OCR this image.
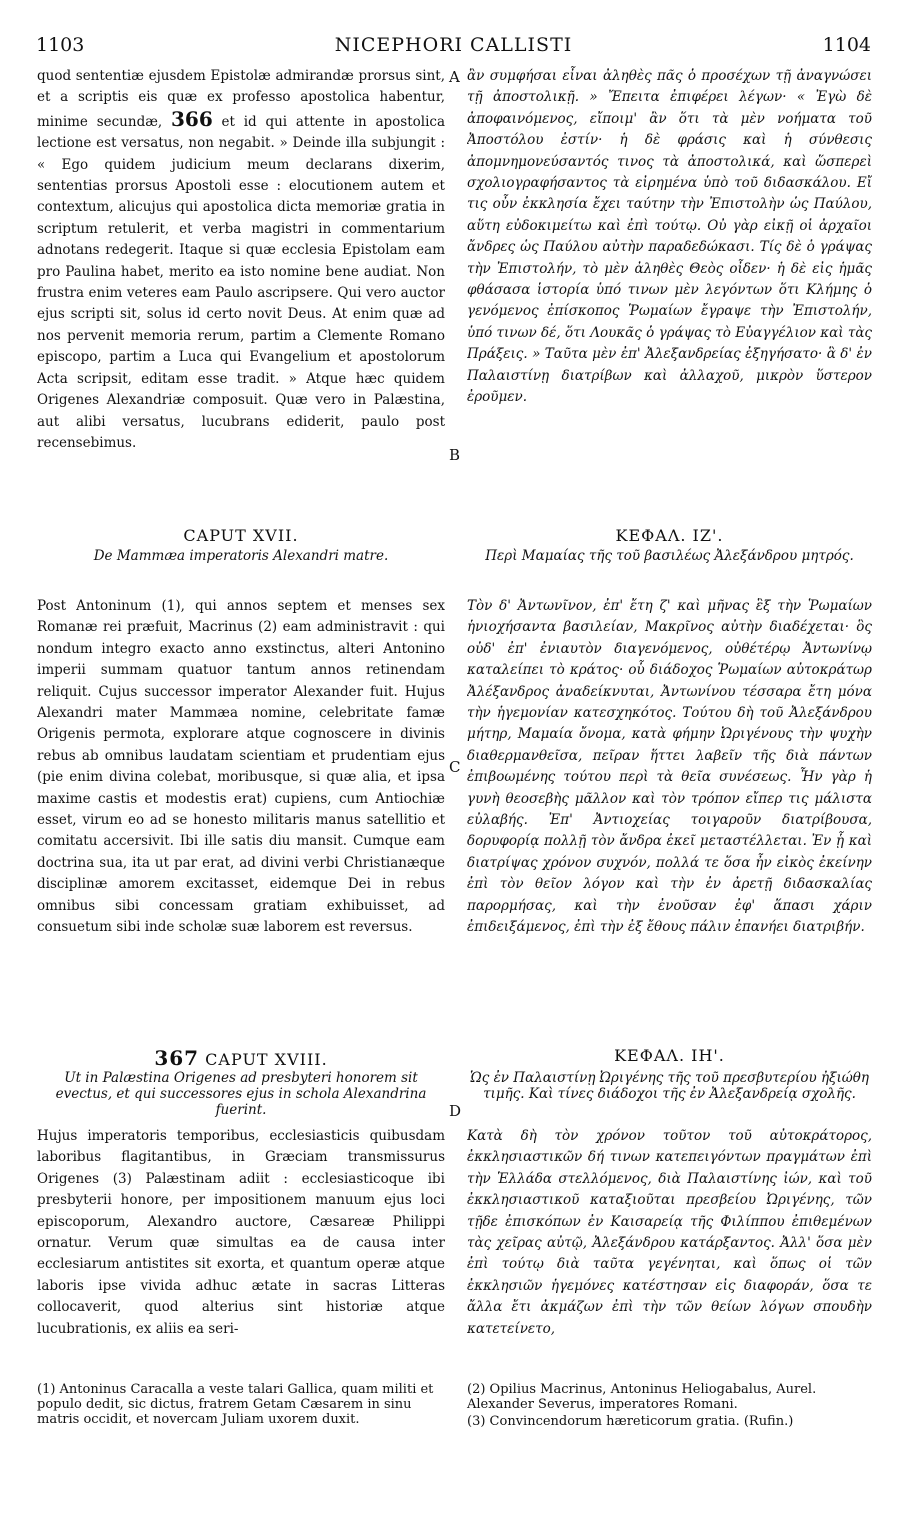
1103	NICEPHORI CALLISTI	1104

quod sententiæ ejusdem Epistolæ admirandæ prorsus sint, et a scriptis eis quæ ex professo apostolica habentur, minime secundæ, 366 et id qui attente in apostolica lectione est versatus, non negabit. » Deinde illa subjungit : « Ego quidem judicium meum declarans dixerim, sententias prorsus Apostoli esse : elocutionem autem et contextum, alicujus qui apostolica dicta memoriæ gratia in scriptum retulerit, et verba magistri in commentarium adnotans redegerit. Itaque si quæ ecclesia Epistolam eam pro Paulina habet, merito ea isto nomine bene audiat. Non frustra enim veteres eam Paulo ascripsere. Qui vero auctor ejus scripti sit, solus id certo novit Deus. At enim quæ ad nos pervenit memoria rerum, partim a Clemente Romano episcopo, partim a Luca qui Evangelium et apostolorum Acta scripsit, editam esse tradit. » Atque hæc quidem Origenes Alexandriæ composuit. Quæ vero in Palæstina, aut alibi versatus, lucubrans ediderit, paulo post recensebimus.

ἂν συμφήσαι εἶναι ἀληθὲς πᾶς ὁ προσέχων τῇ ἀναγνώσει τῇ ἀποστολικῇ. » Ἔπειτα ἐπιφέρει λέγων· « Ἐγὼ δὲ ἀποφαινόμενος, εἴποιμ' ἂν ὅτι τὰ μὲν νοήματα τοῦ Ἀποστόλου ἐστίν· ἡ δὲ φράσις καὶ ἡ σύνθεσις ἀπομνημονεύσαντός τινος τὰ ἀποστολικά, καὶ ὥσπερεὶ σχολιογραφήσαντος τὰ εἰρημένα ὑπὸ τοῦ διδασκάλου. Εἴ τις οὖν ἐκκλησία ἔχει ταύτην τὴν Ἐπιστολὴν ὡς Παύλου, αὕτη εὐδοκιμείτω καὶ ἐπὶ τούτῳ. Οὐ γὰρ εἰκῇ οἱ ἀρχαῖοι ἄνδρες ὡς Παύλου αὐτὴν παραδεδώκασι. Τίς δὲ ὁ γράψας τὴν Ἐπιστολήν, τὸ μὲν ἀληθὲς Θεὸς οἶδεν· ἡ δὲ εἰς ἡμᾶς φθάσασα ἱστορία ὑπό τινων μὲν λεγόντων ὅτι Κλήμης ὁ γενόμενος ἐπίσκοπος Ῥωμαίων ἔγραψε τὴν Ἐπιστολήν, ὑπό τινων δέ, ὅτι Λουκᾶς ὁ γράψας τὸ Εὐαγγέλιον καὶ τὰς Πράξεις. » Ταῦτα μὲν ἐπ' Ἀλεξανδρείας ἐξηγήσατο· ἃ δ' ἐν Παλαιστίνῃ διατρίβων καὶ ἀλλαχοῦ, μικρὸν ὕστερον ἐροῦμεν.

A
B
CAPUT XVII.
De Mammæa imperatoris Alexandri matre.
ΚΕΦΑΛ. ΙΖ'.
Περὶ Μαμαίας τῆς τοῦ βασιλέως Ἀλεξάνδρου μητρός.

Post Antoninum (1), qui annos septem et menses sex Romanæ rei præfuit, Macrinus (2) eam administravit : qui nondum integro exacto anno exstinctus, alteri Antonino imperii summam quatuor tantum annos retinendam reliquit. Cujus successor imperator Alexander fuit. Hujus Alexandri mater Mammæa nomine, celebritate famæ Origenis permota, explorare atque cognoscere in divinis rebus ab omnibus laudatam scientiam et prudentiam ejus (pie enim divina colebat, moribusque, si quæ alia, et ipsa maxime castis et modestis erat) cupiens, cum Antiochiæ esset, virum eo ad se honesto militaris manus satellitio et comitatu accersivit. Ibi ille satis diu mansit. Cumque eam doctrina sua, ita ut par erat, ad divini verbi Christianæque disciplinæ amorem excitasset, eidemque Dei in rebus omnibus sibi concessam gratiam exhibuisset, ad consuetum sibi inde scholæ suæ laborem est reversus.

Τὸν δ' Ἀντωνῖνον, ἐπ' ἔτη ζ' καὶ μῆνας ἓξ τὴν Ῥωμαίων ἡνιοχήσαντα βασιλείαν, Μακρῖνος αὐτὴν διαδέχεται· ὃς οὐδ' ἐπ' ἐνιαυτὸν διαγενόμενος, οὐθέτέρῳ Ἀντωνίνῳ καταλείπει τὸ κράτος· οὗ διάδοχος Ῥωμαίων αὐτοκράτωρ Ἀλέξανδρος ἀναδείκνυται, Ἀντωνίνου τέσσαρα ἔτη μόνα τὴν ἡγεμονίαν κατεσχηκότος. Τούτου δὴ τοῦ Ἀλεξάνδρου μήτηρ, Μαμαία ὄνομα, κατὰ φήμην Ὠριγένους τὴν ψυχὴν διαθερμανθεῖσα, πεῖραν ἥττει λαβεῖν τῆς διὰ πάντων ἐπιβοωμένης τούτου περὶ τὰ θεῖα συνέσεως. Ἦν γὰρ ἡ γυνὴ θεοσεβὴς μᾶλλον καὶ τὸν τρόπον εἴπερ τις μάλιστα εὐλαβής. Ἐπ' Ἀντιοχείας τοιγαροῦν διατρίβουσα, δορυφορίᾳ πολλῇ τὸν ἄνδρα ἐκεῖ μεταστέλλεται. Ἐν ᾗ καὶ διατρίψας χρόνον συχνόν, πολλά τε ὅσα ἦν εἰκὸς ἐκείνην ἐπὶ τὸν θεῖον λόγον καὶ τὴν ἐν ἀρετῇ διδασκαλίας παρορμήσας, καὶ τὴν ἐνοῦσαν ἐφ' ἅπασι χάριν ἐπιδειξάμενος, ἐπὶ τὴν ἐξ ἔθους πάλιν ἐπανήει διατριβήν.

C
367 CAPUT XVIII.
Ut in Palæstina Origenes ad presbyteri honorem sit evectus, et qui successores ejus in schola Alexandrina fuerint.
ΚΕΦΑΛ. ΙΗ'.
Ὡς ἐν Παλαιστίνῃ Ὠριγένης τῆς τοῦ πρεσβυτερίου ἠξιώθη τιμῆς. Καὶ τίνες διάδοχοι τῆς ἐν Ἀλεξανδρείᾳ σχολῆς.
D

Hujus imperatoris temporibus, ecclesiasticis quibusdam laboribus flagitantibus, in Græciam transmissurus Origenes (3) Palæstinam adiit : ecclesiasticoque ibi presbyterii honore, per impositionem manuum ejus loci episcoporum, Alexandro auctore, Cæsareæ Philippi ornatur. Verum quæ simultas ea de causa inter ecclesiarum antistites sit exorta, et quantum operæ atque laboris ipse vivida adhuc ætate in sacras Litteras collocaverit, quod alterius sint historiæ atque lucubrationis, ex aliis ea seri-

Κατὰ δὴ τὸν χρόνον τοῦτον τοῦ αὐτοκράτορος, ἐκκλησιαστικῶν δή τινων κατεπειγόντων πραγμάτων ἐπὶ τὴν Ἑλλάδα στελλόμενος, διὰ Παλαιστίνης ἰών, καὶ τοῦ ἐκκλησιαστικοῦ καταξιοῦται πρεσβείου Ὠριγένης, τῶν τῇδε ἐπισκόπων ἐν Καισαρείᾳ τῆς Φιλίππου ἐπιθεμένων τὰς χεῖρας αὐτῷ, Ἀλεξάνδρου κατάρξαντος. Ἀλλ' ὅσα μὲν ἐπὶ τούτῳ διὰ ταῦτα γεγένηται, καὶ ὅπως οἱ τῶν ἐκκλησιῶν ἡγεμόνες κατέστησαν εἰς διαφοράν, ὅσα τε ἄλλα ἔτι ἀκμάζων ἐπὶ τὴν τῶν θείων λόγων σπουδὴν κατετείνετο,

(1) Antoninus Caracalla a veste talari Gallica, quam militi et populo dedit, sic dictus, fratrem Getam Cæsarem in sinu matris occidit, et novercam Juliam uxorem duxit.
(2) Opilius Macrinus, Antoninus Heliogabalus, Aurel. Alexander Severus, imperatores Romani.
(3) Convincendorum hæreticorum gratia. (Rufin.)
